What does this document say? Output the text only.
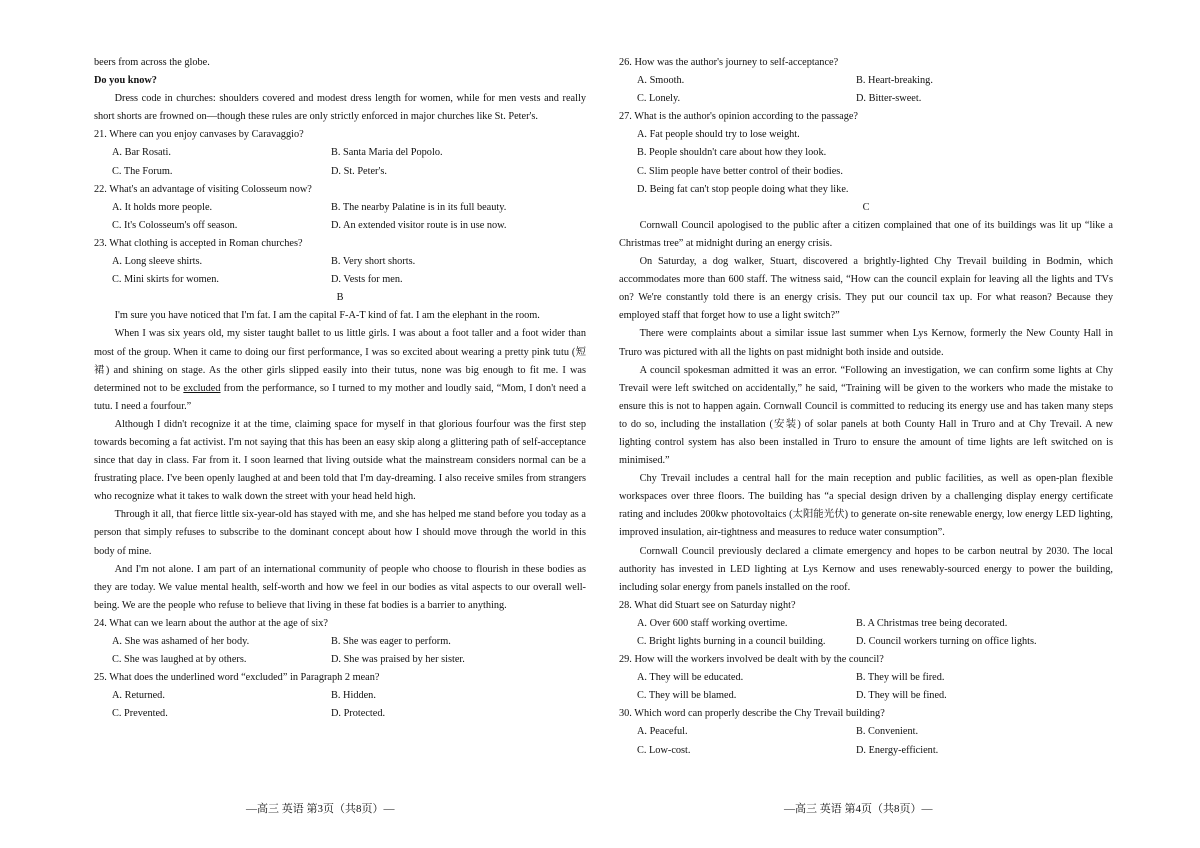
beers from across the globe.

Do you know?

Dress code in churches: shoulders covered and modest dress length for women, while for men vests and really short shorts are frowned on—though these rules are only strictly enforced in major churches like St. Peter's.

21. Where can you enjoy canvases by Caravaggio?

A. Bar Rosati.	B. Santa Maria del Popolo.
C. The Forum.	D. St. Peter's.

22. What's an advantage of visiting Colosseum now?

A. It holds more people.	B. The nearby Palatine is in its full beauty.
C. It's Colosseum's off season.	D. An extended visitor route is in use now.

23. What clothing is accepted in Roman churches?

A. Long sleeve shirts.	B. Very short shorts.
C. Mini skirts for women.	D. Vests for men.

B

I'm sure you have noticed that I'm fat. I am the capital F-A-T kind of fat. I am the elephant in the room.

When I was six years old, my sister taught ballet to us little girls. I was about a foot taller and a foot wider than most of the group. When it came to doing our first performance, I was so excited about wearing a pretty pink tutu (短裙) and shining on stage. As the other girls slipped easily into their tutus, none was big enough to fit me. I was determined not to be excluded from the performance, so I turned to my mother and loudly said, “Mom, I don't need a tutu. I need a fourfour.”

Although I didn't recognize it at the time, claiming space for myself in that glorious fourfour was the first step towards becoming a fat activist. I'm not saying that this has been an easy skip along a glittering path of self-acceptance since that day in class. Far from it. I soon learned that living outside what the mainstream considers normal can be a frustrating place. I've been openly laughed at and been told that I'm day-dreaming. I also receive smiles from strangers who recognize what it takes to walk down the street with your head held high.

Through it all, that fierce little six-year-old has stayed with me, and she has helped me stand before you today as a person that simply refuses to subscribe to the dominant concept about how I should move through the world in this body of mine.

And I'm not alone. I am part of an international community of people who choose to flourish in these bodies as they are today. We value mental health, self-worth and how we feel in our bodies as vital aspects to our overall well-being. We are the people who refuse to believe that living in these fat bodies is a barrier to anything.

24. What can we learn about the author at the age of six?

A. She was ashamed of her body.	B. She was eager to perform.
C. She was laughed at by others.	D. She was praised by her sister.

25. What does the underlined word “excluded” in Paragraph 2 mean?

A. Returned.	B. Hidden.
C. Prevented.	D. Protected.

26. How was the author's journey to self-acceptance?

A. Smooth.	B. Heart-breaking.
C. Lonely.	D. Bitter-sweet.

27. What is the author's opinion according to the passage?

A. Fat people should try to lose weight.

B. People shouldn't care about how they look.

C. Slim people have better control of their bodies.

D. Being fat can't stop people doing what they like.

C

Cornwall Council apologised to the public after a citizen complained that one of its buildings was lit up “like a Christmas tree” at midnight during an energy crisis.

On Saturday, a dog walker, Stuart, discovered a brightly-lighted Chy Trevail building in Bodmin, which accommodates more than 600 staff. The witness said, “How can the council explain for leaving all the lights and TVs on? We're constantly told there is an energy crisis. They put our council tax up. For what reason? Because they employed staff that forget how to use a light switch?”

There were complaints about a similar issue last summer when Lys Kernow, formerly the New County Hall in Truro was pictured with all the lights on past midnight both inside and outside.

A council spokesman admitted it was an error. “Following an investigation, we can confirm some lights at Chy Trevail were left switched on accidentally,” he said, “Training will be given to the workers who made the mistake to ensure this is not to happen again. Cornwall Council is committed to reducing its energy use and has taken many steps to do so, including the installation (安装) of solar panels at both County Hall in Truro and at Chy Trevail. A new lighting control system has also been installed in Truro to ensure the amount of time lights are left switched on is minimised.”

Chy Trevail includes a central hall for the main reception and public facilities, as well as open-plan flexible workspaces over three floors. The building has “a special design driven by a challenging display energy certificate rating and includes 200kw photovoltaics (太阳能光伏) to generate on-site renewable energy, low energy LED lighting, improved insulation, air-tightness and measures to reduce water consumption”.

Cornwall Council previously declared a climate emergency and hopes to be carbon neutral by 2030. The local authority has invested in LED lighting at Lys Kernow and uses renewably-sourced energy to power the building, including solar energy from panels installed on the roof.

28. What did Stuart see on Saturday night?

A. Over 600 staff working overtime.	B. A Christmas tree being decorated.
C. Bright lights burning in a council building.	D. Council workers turning on office lights.

29. How will the workers involved be dealt with by the council?

A. They will be educated.	B. They will be fired.
C. They will be blamed.	D. They will be fined.

30. Which word can properly describe the Chy Trevail building?

A. Peaceful.	B. Convenient.
C. Low-cost.	D. Energy-efficient.
—高三 英语 第3页（共8页）—	—高三 英语 第4页（共8页）—
